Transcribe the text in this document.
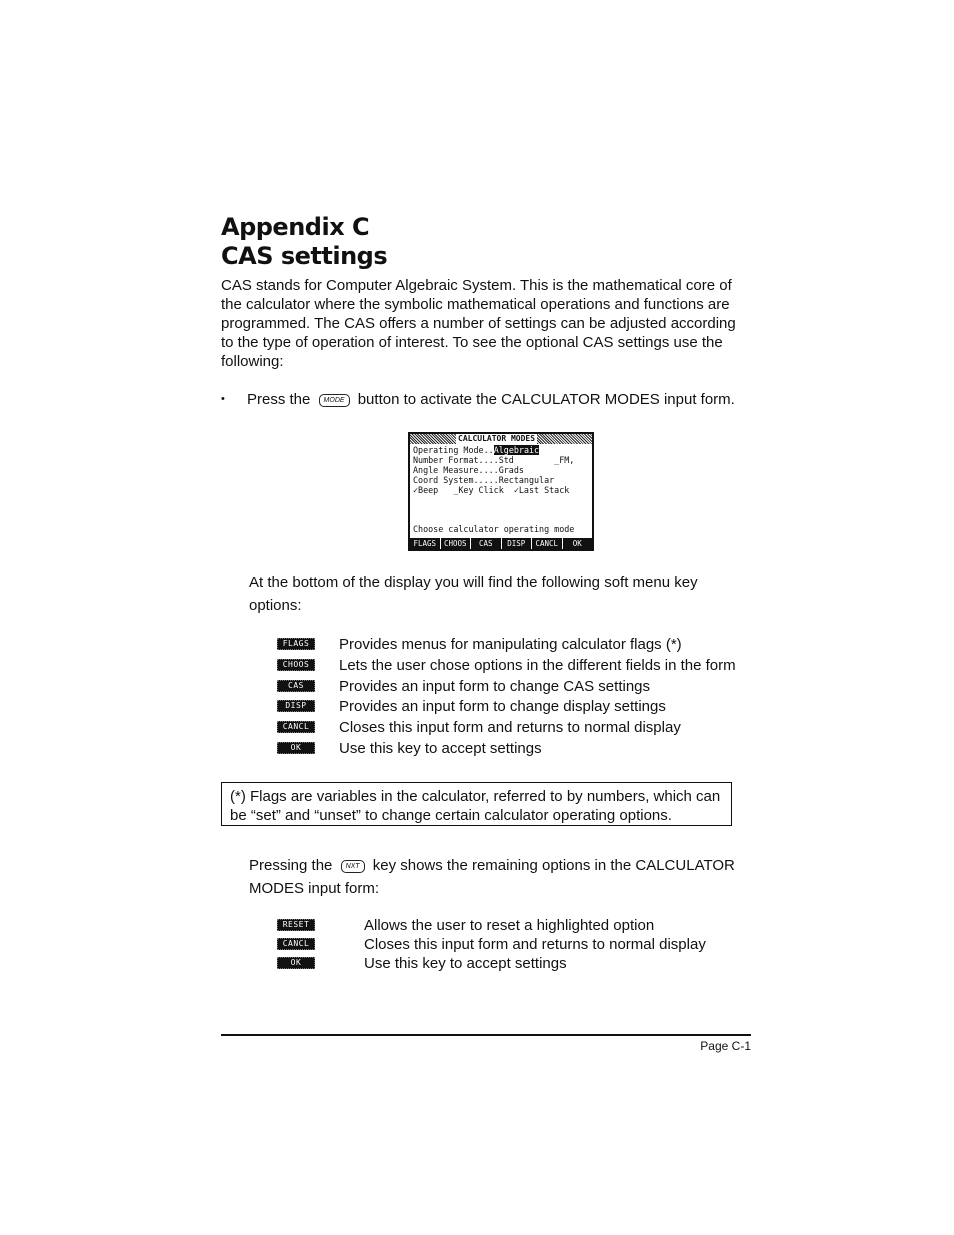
Appendix C
CAS settings

CAS stands for Computer Algebraic System. This is the mathematical core of the calculator where the symbolic mathematical operations and functions are programmed. The CAS offers a number of settings can be adjusted according to the type of operation of interest. To see the optional CAS settings use the following:

• Press the MODE button to activate the CALCULATOR MODES input form.
CALCULATOR MODES
Operating Mode..Algebraic
Number Format....Std        _FM,
Angle Measure....Grads
Coord System.....Rectangular
✓Beep   _Key Click  ✓Last Stack
Choose calculator operating mode
FLAGS	CHOOS	CAS	DISP	CANCL	OK

At the bottom of the display you will find the following soft menu key options:

FLAGS	Provides menus for manipulating calculator flags (*)
CHOOS	Lets the user chose options in the different fields in the form
CAS	Provides an input form to change CAS settings
DISP	Provides an input form to change display settings
CANCL	Closes this input form and returns to normal display
OK	Use this key to accept settings
(*) Flags are variables in the calculator, referred to by numbers, which can be “set” and “unset” to change certain calculator operating options.

Pressing the NXT key shows the remaining options in the CALCULATOR MODES input form:

RESET	Allows the user to reset a highlighted option
CANCL	Closes this input form and returns to normal display
OK	Use this key to accept settings
Page C-1
